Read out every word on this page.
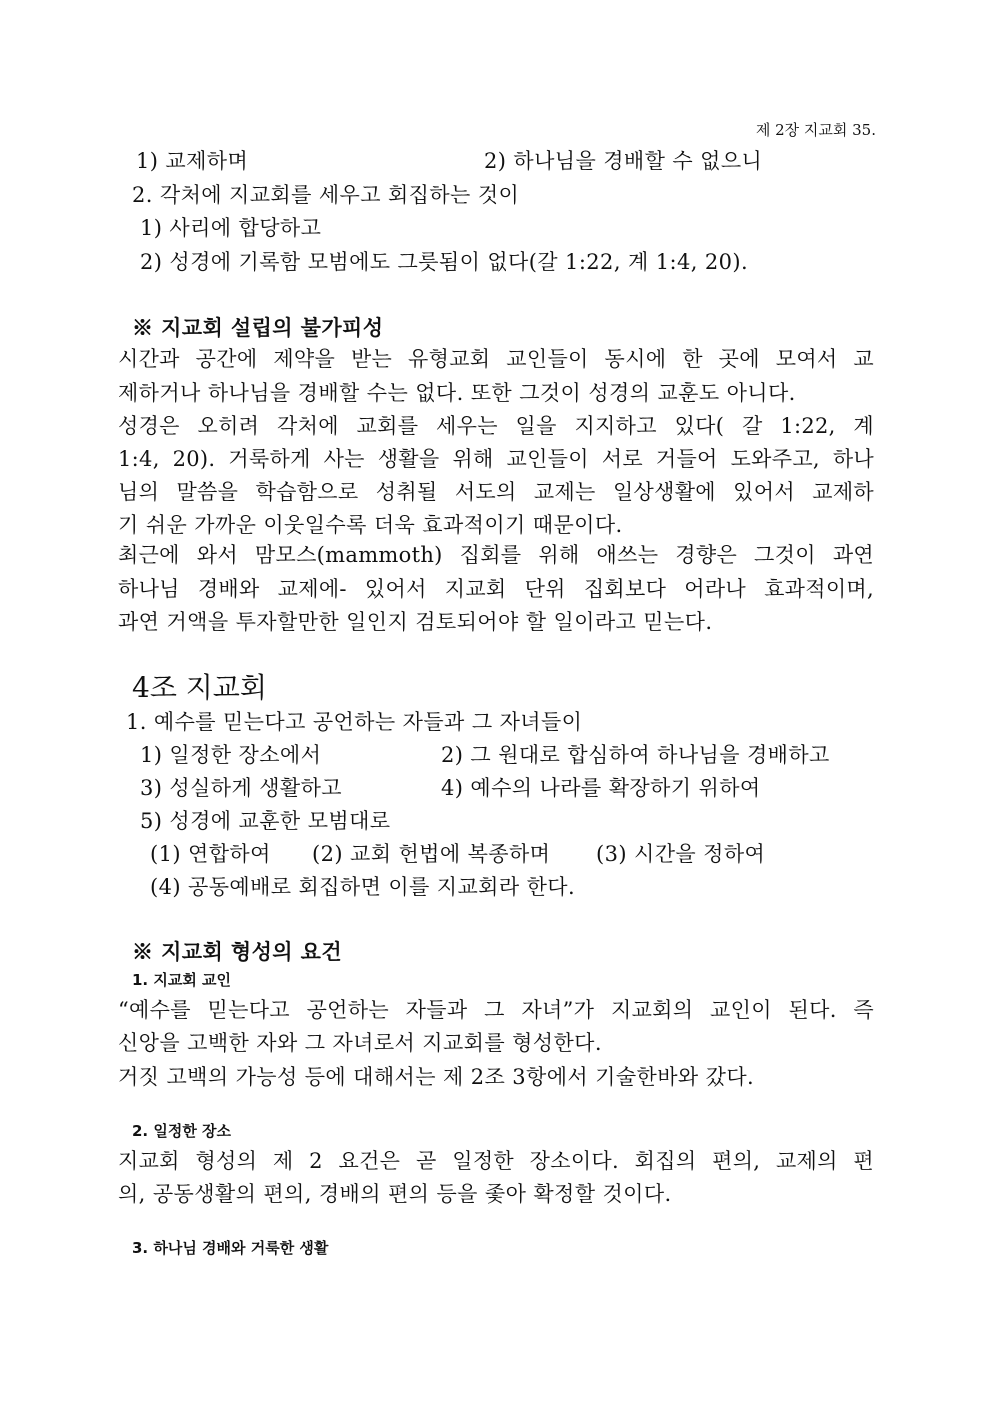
제 2장 지교회 35.
1) 교제하며	2) 하나님을 경배할 수 없으니
2. 각처에 지교회를 세우고 회집하는 것이
1) 사리에 합당하고
2) 성경에 기록함 모범에도 그릇됨이 없다(갈 1:22, 계 1:4, 20).
※ 지교회 설립의 불가피성
시간과 공간에 제약을 받는 유형교회 교인들이 동시에 한 곳에 모여서 교
제하거나 하나님을 경배할 수는 없다. 또한 그것이 성경의 교훈도 아니다.
성경은 오히려 각처에 교회를 세우는 일을 지지하고 있다( 갈 1:22, 계
1:4, 20). 거룩하게 사는 생활을 위해 교인들이 서로 거들어 도와주고, 하나
님의 말씀을 학습함으로 성취될 서도의 교제는 일상생활에 있어서 교제하
기 쉬운 가까운 이웃일수록 더욱 효과적이기 때문이다.
최근에 와서 맘모스(mammoth) 집회를 위해 애쓰는 경향은 그것이 과연
하나님 경배와 교제에- 있어서 지교회 단위 집회보다 어라나 효과적이며,
과연 거액을 투자할만한 일인지 검토되어야 할 일이라고 믿는다.
4조 지교회
1. 예수를 믿는다고 공언하는 자들과 그 자녀들이
1) 일정한 장소에서	2) 그 원대로 합심하여 하나님을 경배하고
3) 성실하게 생활하고	4) 예수의 나라를 확장하기 위하여
5) 성경에 교훈한 모범대로
(1) 연합하여 (2) 교회 헌법에 복종하며 (3) 시간을 정하여
(4) 공동예배로 회집하면 이를 지교회라 한다.
※ 지교회 형성의 요건
1. 지교회 교인
“예수를 믿는다고 공언하는 자들과 그 자녀”가 지교회의 교인이 된다. 즉
신앙을 고백한 자와 그 자녀로서 지교회를 형성한다.
거짓 고백의 가능성 등에 대해서는 제 2조 3항에서 기술한바와 갔다.
2. 일정한 장소
지교회 형성의 제 2 요건은 곧 일정한 장소이다. 회집의 편의, 교제의 편
의, 공동생활의 편의, 경배의 편의 등을 좇아 확정할 것이다.
3. 하나님 경배와 거룩한 생활
